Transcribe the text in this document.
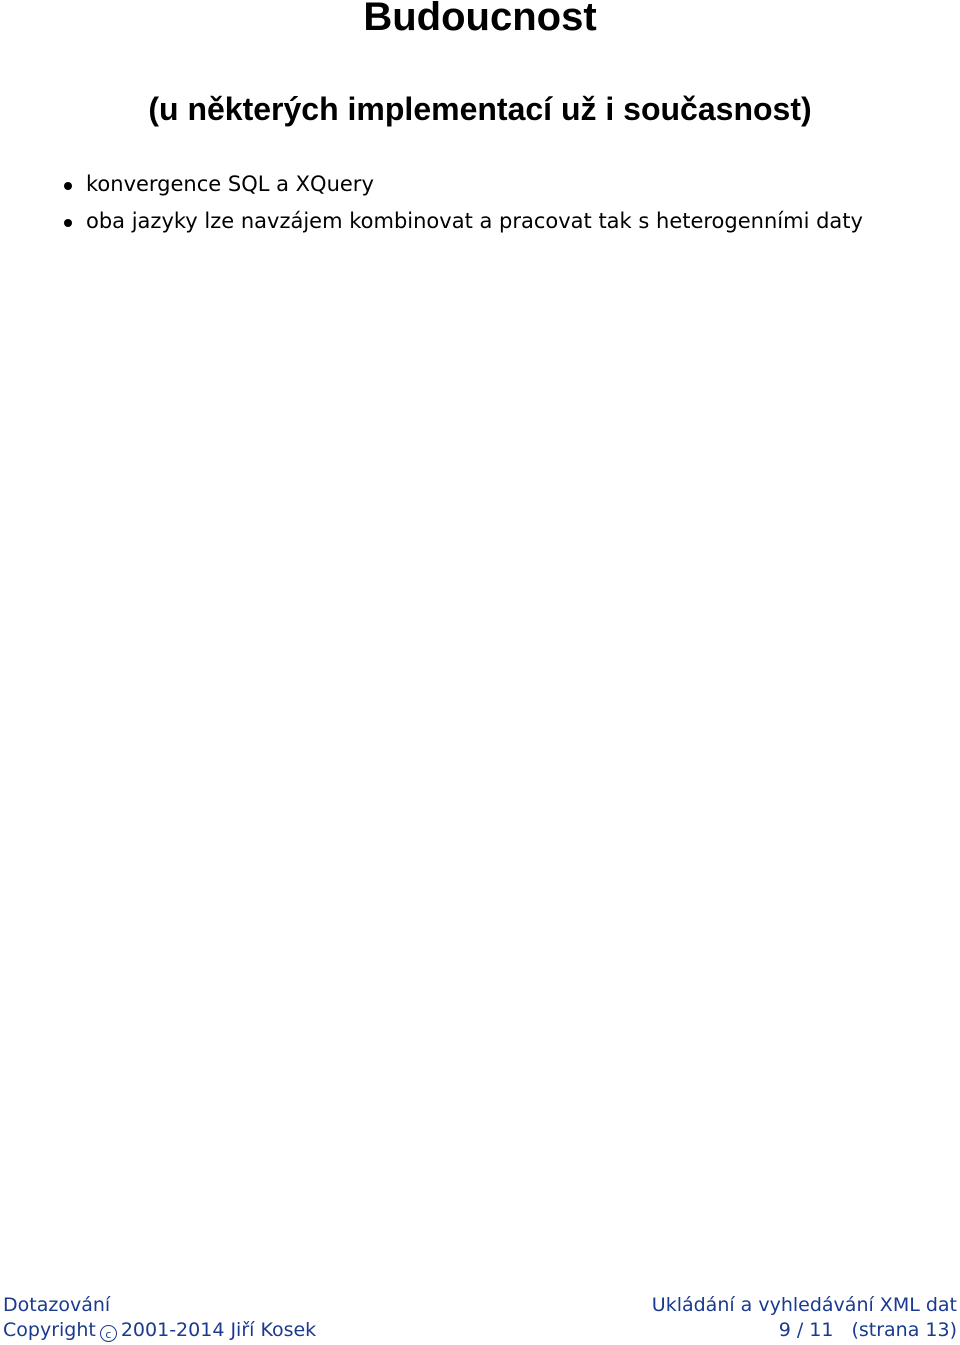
Budoucnost
(u některých implementací už i současnost)
konvergence SQL a XQuery
oba jazyky lze navzájem kombinovat a pracovat tak s heterogenními daty
Dotazování	Ukládání a vyhledávání XML dat
Copyright c 2001-2014 Jiří Kosek	9 / 11 (strana 13)
